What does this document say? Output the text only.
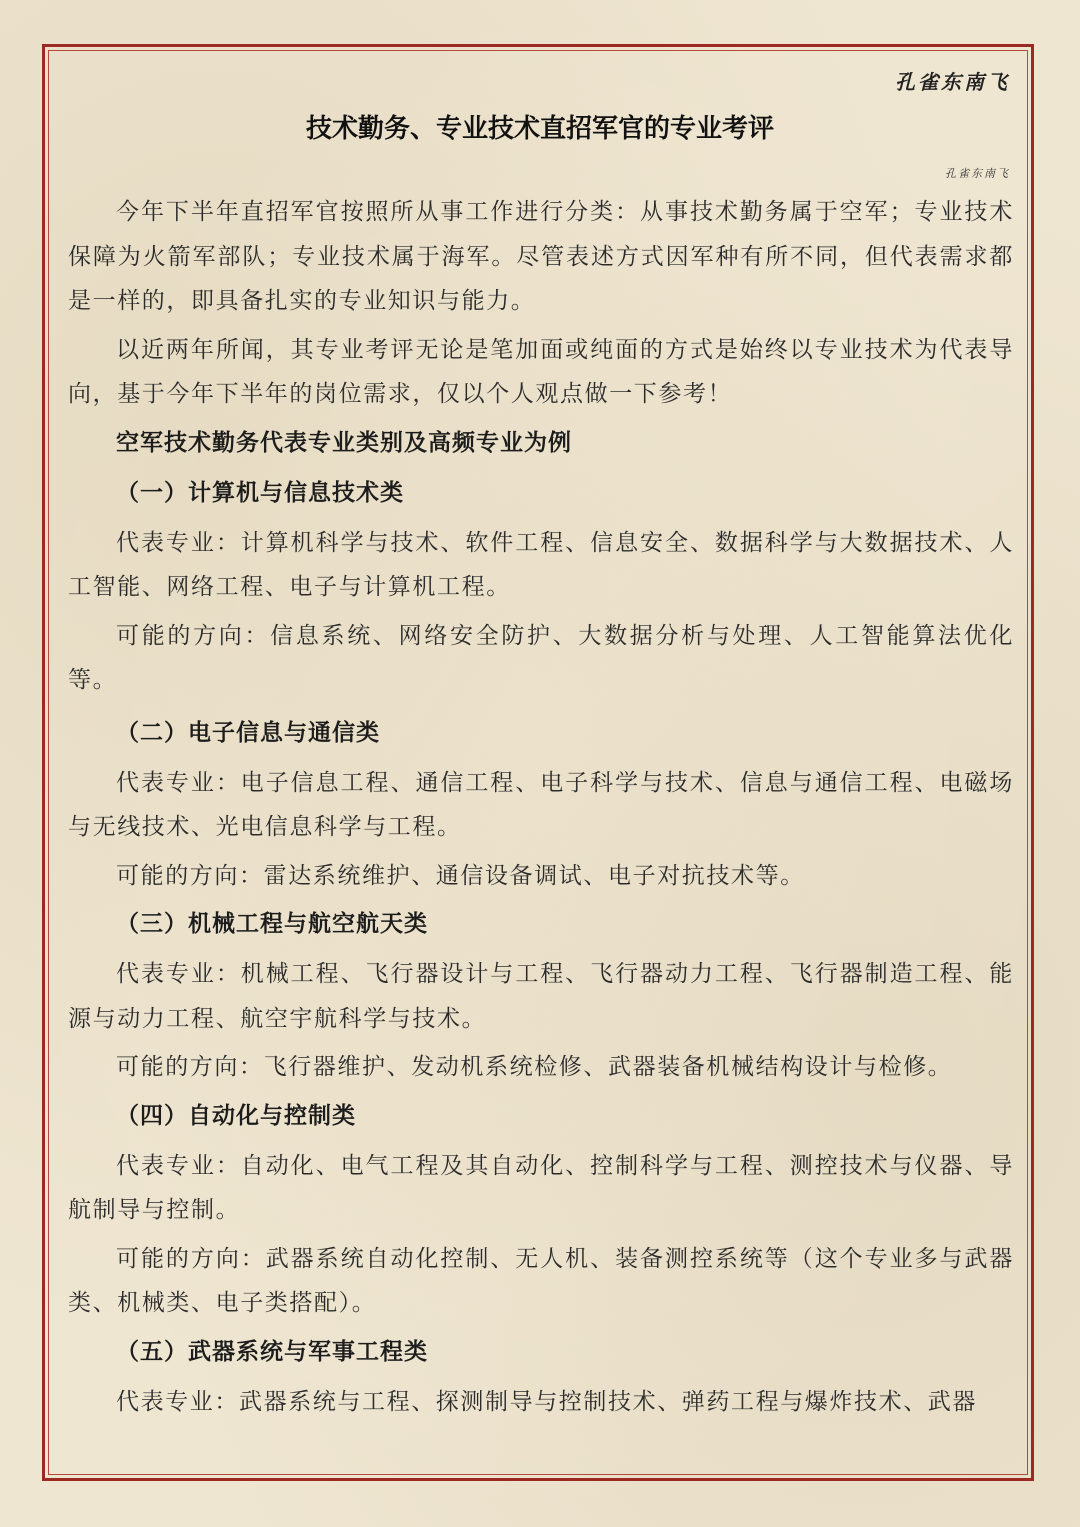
孔雀东南飞
技术勤务、专业技术直招军官的专业考评
孔雀东南飞

今年下半年直招军官按照所从事工作进行分类：从事技术勤务属于空军；专业技术保障为火箭军部队；专业技术属于海军。尽管表述方式因军种有所不同，但代表需求都是一样的，即具备扎实的专业知识与能力。

以近两年所闻，其专业考评无论是笔加面或纯面的方式是始终以专业技术为代表导向，基于今年下半年的岗位需求，仅以个人观点做一下参考！

空军技术勤务代表专业类别及高频专业为例

（一）计算机与信息技术类

代表专业：计算机科学与技术、软件工程、信息安全、数据科学与大数据技术、人工智能、网络工程、电子与计算机工程。

可能的方向：信息系统、网络安全防护、大数据分析与处理、人工智能算法优化等。

（二）电子信息与通信类

代表专业：电子信息工程、通信工程、电子科学与技术、信息与通信工程、电磁场与无线技术、光电信息科学与工程。

可能的方向：雷达系统维护、通信设备调试、电子对抗技术等。

（三）机械工程与航空航天类

代表专业：机械工程、飞行器设计与工程、飞行器动力工程、飞行器制造工程、能源与动力工程、航空宇航科学与技术。

可能的方向：飞行器维护、发动机系统检修、武器装备机械结构设计与检修。

（四）自动化与控制类

代表专业：自动化、电气工程及其自动化、控制科学与工程、测控技术与仪器、导航制导与控制。

可能的方向：武器系统自动化控制、无人机、装备测控系统等（这个专业多与武器类、机械类、电子类搭配）。

（五）武器系统与军事工程类

代表专业：武器系统与工程、探测制导与控制技术、弹药工程与爆炸技术、武器
